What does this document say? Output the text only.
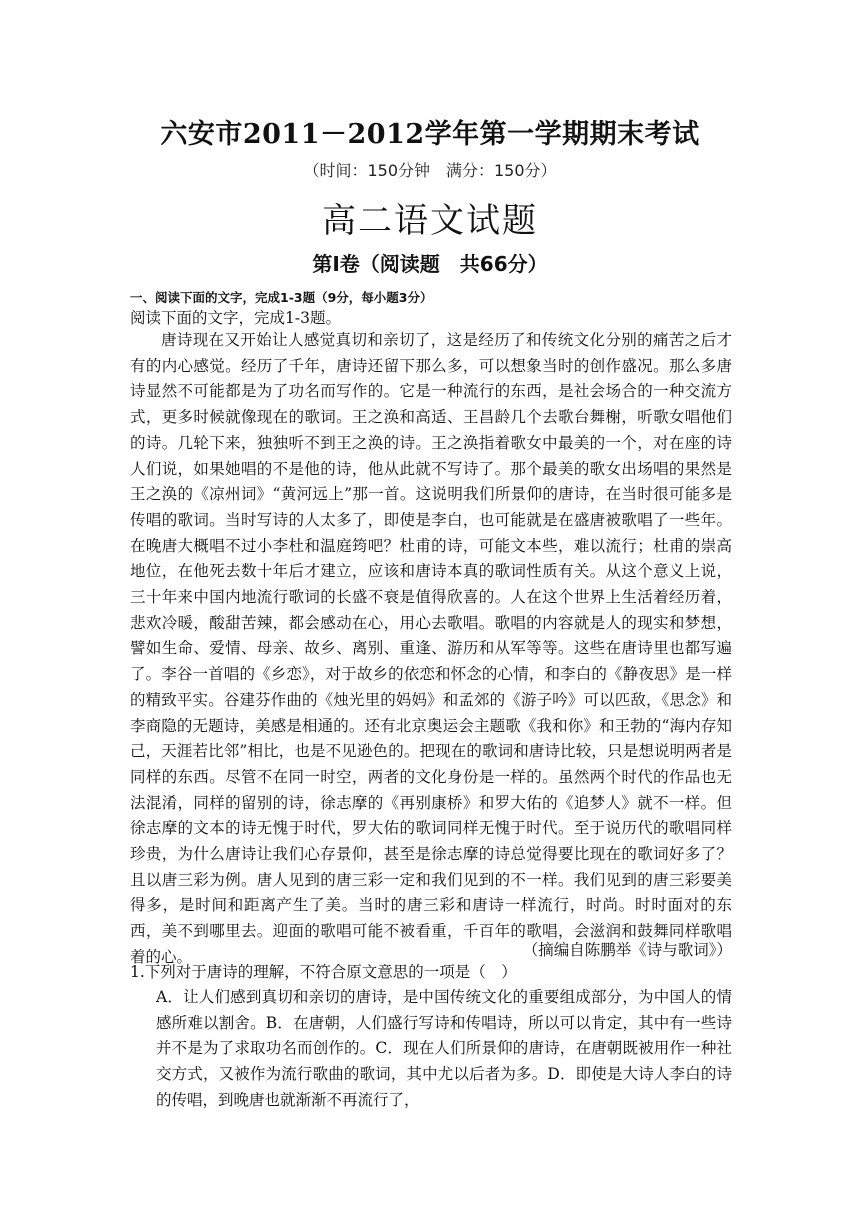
六安市2011－2012学年第一学期期末考试
（时间：150分钟　满分：150分）
高二语文试题
第Ⅰ卷（阅读题　共66分）
一、阅读下面的文字，完成1-3题（9分，每小题3分）
阅读下面的文字，完成1-3题。

唐诗现在又开始让人感觉真切和亲切了，这是经历了和传统文化分别的痛苦之后才有的内心感觉。经历了千年，唐诗还留下那么多，可以想象当时的创作盛况。那么多唐诗显然不可能都是为了功名而写作的。它是一种流行的东西，是社会场合的一种交流方式，更多时候就像现在的歌词。王之涣和高适、王昌龄几个去歌台舞榭，听歌女唱他们的诗。几轮下来，独独听不到王之涣的诗。王之涣指着歌女中最美的一个，对在座的诗人们说，如果她唱的不是他的诗，他从此就不写诗了。那个最美的歌女出场唱的果然是王之涣的《凉州词》“黄河远上”那一首。这说明我们所景仰的唐诗，在当时很可能多是传唱的歌词。当时写诗的人太多了，即使是李白，也可能就是在盛唐被歌唱了一些年。在晚唐大概唱不过小李杜和温庭筠吧？杜甫的诗，可能文本些，难以流行；杜甫的崇高地位，在他死去数十年后才建立，应该和唐诗本真的歌词性质有关。从这个意义上说，三十年来中国内地流行歌词的长盛不衰是值得欣喜的。人在这个世界上生活着经历着，悲欢冷暖，酸甜苦辣，都会感动在心，用心去歌唱。歌唱的内容就是人的现实和梦想，譬如生命、爱情、母亲、故乡、离别、重逢、游历和从军等等。这些在唐诗里也都写遍了。李谷一首唱的《乡恋》，对于故乡的依恋和怀念的心情，和李白的《静夜思》是一样的精致平实。谷建芬作曲的《烛光里的妈妈》和孟郊的《游子吟》可以匹敌，《思念》和李商隐的无题诗，美感是相通的。还有北京奥运会主题歌《我和你》和王勃的“海内存知己，天涯若比邻”相比，也是不见逊色的。把现在的歌词和唐诗比较，只是想说明两者是同样的东西。尽管不在同一时空，两者的文化身份是一样的。虽然两个时代的作品也无法混淆，同样的留别的诗，徐志摩的《再别康桥》和罗大佑的《追梦人》就不一样。但徐志摩的文本的诗无愧于时代，罗大佑的歌词同样无愧于时代。至于说历代的歌唱同样珍贵，为什么唐诗让我们心存景仰，甚至是徐志摩的诗总觉得要比现在的歌词好多了？且以唐三彩为例。唐人见到的唐三彩一定和我们见到的不一样。我们见到的唐三彩要美得多，是时间和距离产生了美。当时的唐三彩和唐诗一样流行，时尚。时时面对的东西，美不到哪里去。迎面的歌唱可能不被看重，千百年的歌唱，会滋润和鼓舞同样歌唱着的心。	（摘编自陈鹏举《诗与歌词》）
1.下列对于唐诗的理解，不符合原文意思的一项是（　）

A．让人们感到真切和亲切的唐诗，是中国传统文化的重要组成部分，为中国人的情感所难以割舍。B．在唐朝，人们盛行写诗和传唱诗，所以可以肯定，其中有一些诗并不是为了求取功名而创作的。C．现在人们所景仰的唐诗，在唐朝既被用作一种社交方式，又被作为流行歌曲的歌词，其中尤以后者为多。D．即使是大诗人李白的诗的传唱，到晚唐也就渐渐不再流行了，
